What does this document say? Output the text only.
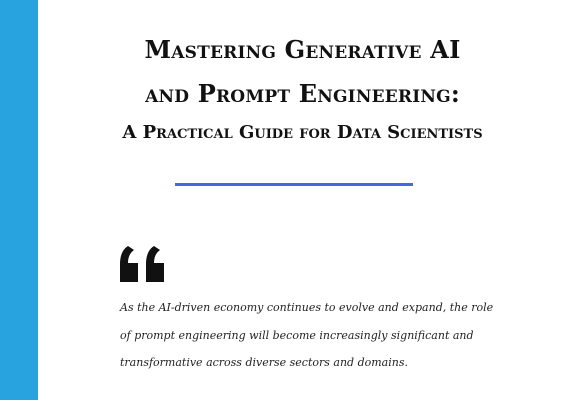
Mastering Generative AI
and Prompt Engineering:
A Practical Guide for Data Scientists
As the AI-driven economy continues to evolve and expand, the role of prompt engineering will become increasingly significant and transformative across diverse sectors and domains.
